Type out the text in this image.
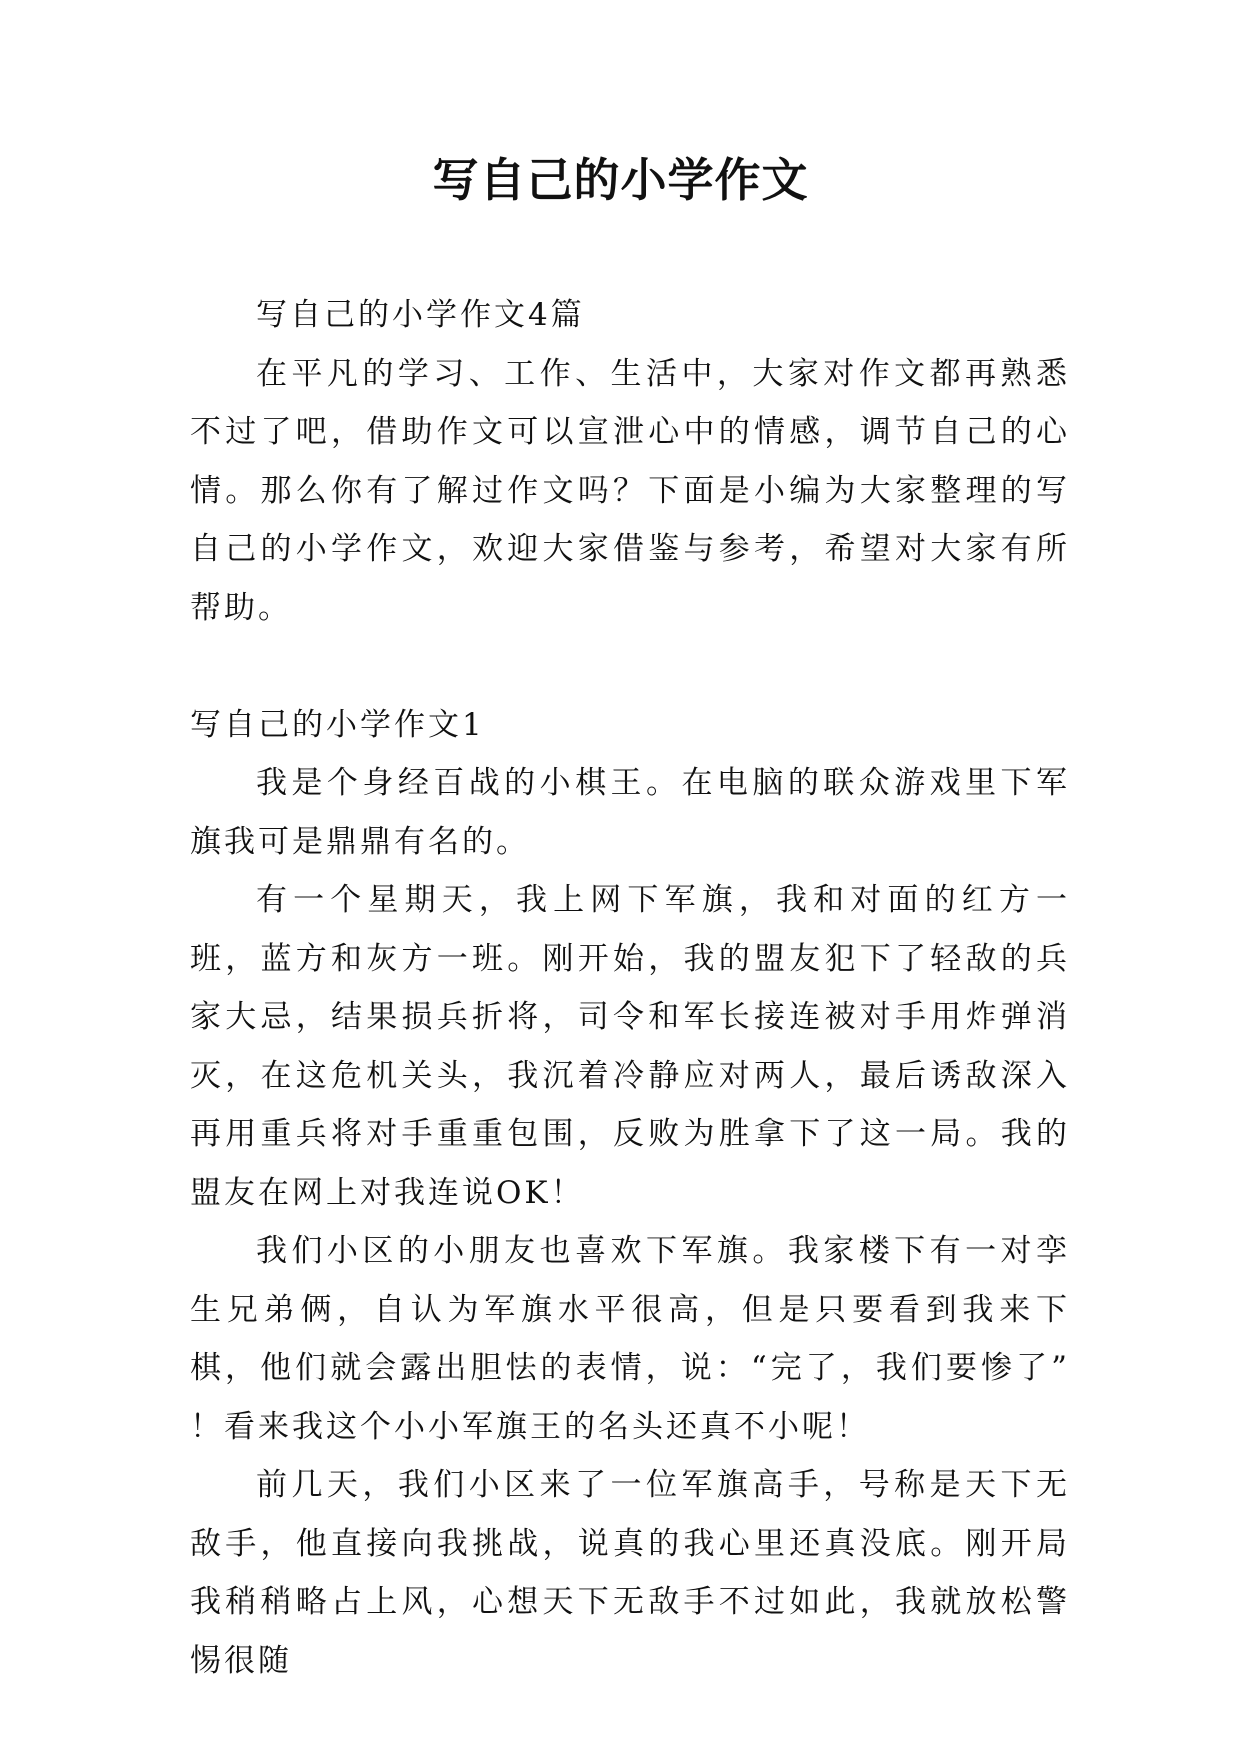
写自己的小学作文

写自己的小学作文4篇

在平凡的学习、工作、生活中，大家对作文都再熟悉不过了吧，借助作文可以宣泄心中的情感，调节自己的心情。那么你有了解过作文吗？下面是小编为大家整理的写自己的小学作文，欢迎大家借鉴与参考，希望对大家有所帮助。

写自己的小学作文1

我是个身经百战的小棋王。在电脑的联众游戏里下军旗我可是鼎鼎有名的。

有一个星期天，我上网下军旗，我和对面的红方一班，蓝方和灰方一班。刚开始，我的盟友犯下了轻敌的兵家大忌，结果损兵折将，司令和军长接连被对手用炸弹消灭，在这危机关头，我沉着冷静应对两人，最后诱敌深入再用重兵将对手重重包围，反败为胜拿下了这一局。我的盟友在网上对我连说OK！

我们小区的小朋友也喜欢下军旗。我家楼下有一对孪生兄弟俩，自认为军旗水平很高，但是只要看到我来下棋，他们就会露出胆怯的表情，说：“完了，我们要惨了” ！看来我这个小小军旗王的名头还真不小呢！

前几天，我们小区来了一位军旗高手，号称是天下无敌手，他直接向我挑战，说真的我心里还真没底。刚开局我稍稍略占上风，心想天下无敌手不过如此，我就放松警惕很随
